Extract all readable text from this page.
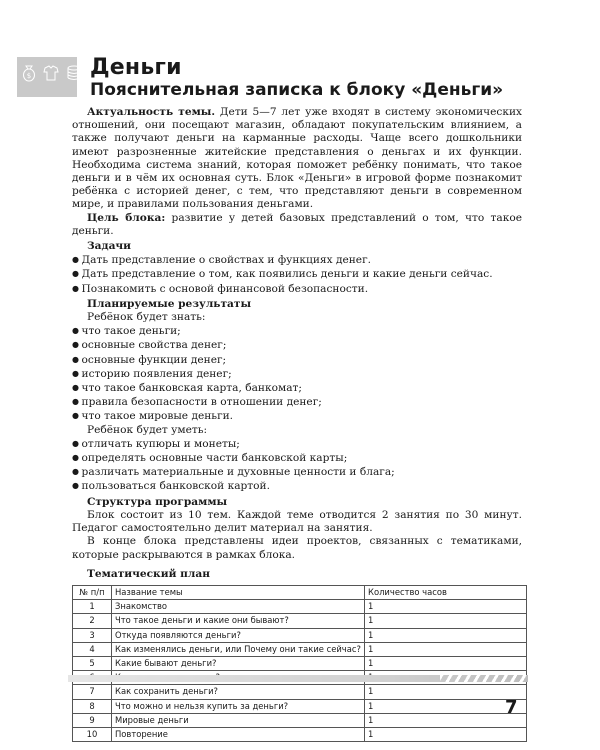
$	Деньги
Пояснительная записка к блоку «Деньги»

Актуальность темы. Дети 5—7 лет уже входят в систему экономических отношений, они посещают магазин, обладают покупательским влиянием, а также получают деньги на карманные расходы. Чаще всего дошкольники имеют разрозненные житейские представления о деньгах и их функции. Необходима система знаний, которая поможет ребёнку понимать, что такое деньги и в чём их основная суть. Блок «Деньги» в игровой форме познакомит ребёнка с историей денег, с тем, что представляют деньги в современном мире, и правилами пользования деньгами.

Цель блока: развитие у детей базовых представлений о том, что такое деньги.

Задачи

● Дать представление о свойствах и функциях денег.

● Дать представление о том, как появились деньги и какие деньги сейчас.

● Познакомить с основой финансовой безопасности.

Планируемые результаты

Ребёнок будет знать:

● что такое деньги;

● основные свойства денег;

● основные функции денег;

● историю появления денег;

● что такое банковская карта, банкомат;

● правила безопасности в отношении денег;

● что такое мировые деньги.

Ребёнок будет уметь:

● отличать купюры и монеты;

● определять основные части банковской карты;

● различать материальные и духовные ценности и блага;

● пользоваться банковской картой.

Структура программы

Блок состоит из 10 тем. Каждой теме отводится 2 занятия по 30 минут. Педагог самостоятельно делит материал на занятия.

В конце блока представлены идеи проектов, связанных с тематиками, которые раскрываются в рамках блока.

Тематический план

№ п/п	Название темы	Количество часов
1	Знакомство	1
2	Что такое деньги и какие они бывают?	1
3	Откуда появляются деньги?	1
4	Как изменялись деньги, или Почему они такие сейчас?	1
5	Какие бывают деньги?	1

7	Как сохранить деньги?	1
8	Что можно и нельзя купить за деньги?	1
9	Мировые деньги	1
10	Повторение	1
7
